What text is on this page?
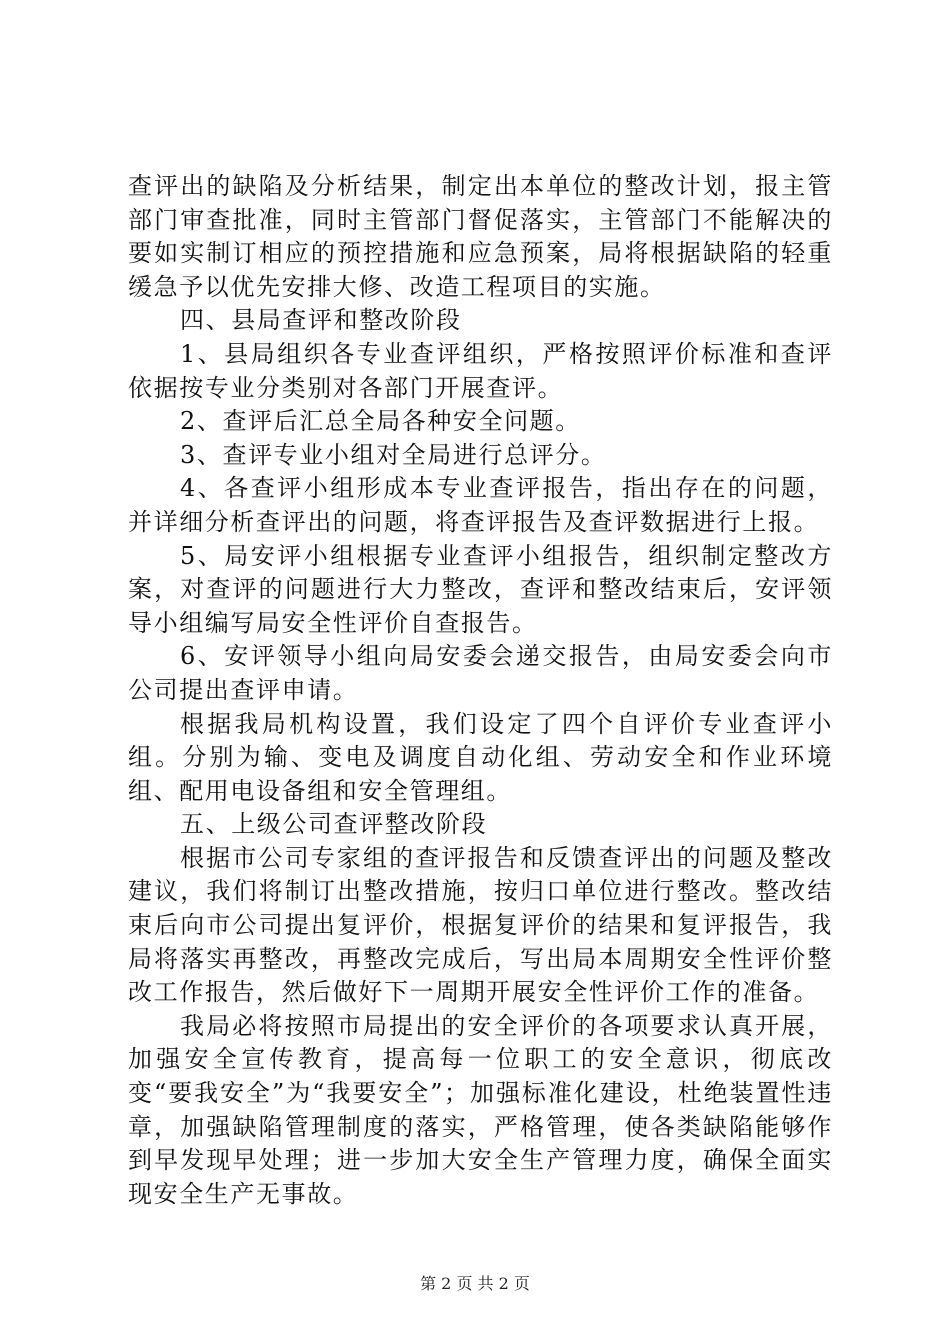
查评出的缺陷及分析结果，制定出本单位的整改计划，报主管部门审查批准，同时主管部门督促落实，主管部门不能解决的要如实制订相应的预控措施和应急预案，局将根据缺陷的轻重缓急予以优先安排大修、改造工程项目的实施。

四、县局查评和整改阶段

1、县局组织各专业查评组织，严格按照评价标准和查评依据按专业分类别对各部门开展查评。

2、查评后汇总全局各种安全问题。

3、查评专业小组对全局进行总评分。

4、各查评小组形成本专业查评报告，指出存在的问题，并详细分析查评出的问题，将查评报告及查评数据进行上报。

5、局安评小组根据专业查评小组报告，组织制定整改方案，对查评的问题进行大力整改，查评和整改结束后，安评领导小组编写局安全性评价自查报告。

6、安评领导小组向局安委会递交报告，由局安委会向市公司提出查评申请。

根据我局机构设置，我们设定了四个自评价专业查评小组。分别为输、变电及调度自动化组、劳动安全和作业环境组、配用电设备组和安全管理组。

五、上级公司查评整改阶段

根据市公司专家组的查评报告和反馈查评出的问题及整改建议，我们将制订出整改措施，按归口单位进行整改。整改结束后向市公司提出复评价，根据复评价的结果和复评报告，我局将落实再整改，再整改完成后，写出局本周期安全性评价整改工作报告，然后做好下一周期开展安全性评价工作的准备。

我局必将按照市局提出的安全评价的各项要求认真开展，加强安全宣传教育，提高每一位职工的安全意识，彻底改变“要我安全”为“我要安全”；加强标准化建设，杜绝装置性违章，加强缺陷管理制度的落实，严格管理，使各类缺陷能够作到早发现早处理；进一步加大安全生产管理力度，确保全面实现安全生产无事故。

第 2 页 共 2 页
